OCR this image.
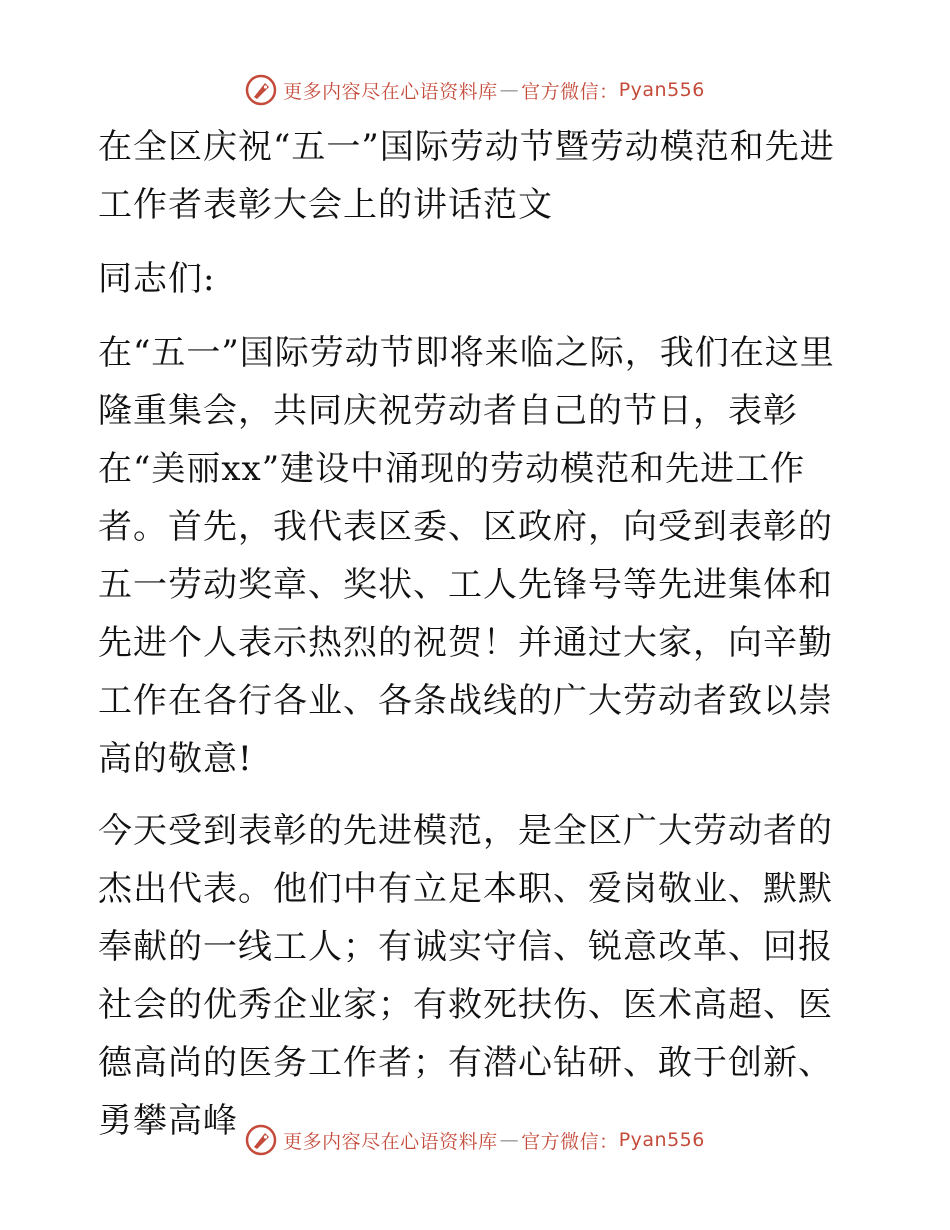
更多内容尽在心语资料库 — 官方微信： Pyan556

在全区庆祝“五一”国际劳动节暨劳动模范和先进工作者表彰大会上的讲话范文

同志们:

在“五一”国际劳动节即将来临之际，我们在这里隆重集会，共同庆祝劳动者自己的节日，表彰在“美丽xx”建设中涌现的劳动模范和先进工作者。首先，我代表区委、区政府，向受到表彰的五一劳动奖章、奖状、工人先锋号等先进集体和先进个人表示热烈的祝贺！并通过大家，向辛勤工作在各行各业、各条战线的广大劳动者致以崇高的敬意!

今天受到表彰的先进模范，是全区广大劳动者的杰出代表。他们中有立足本职、爱岗敬业、默默奉献的一线工人；有诚实守信、锐意改革、回报社会的优秀企业家；有救死扶伤、医术高超、医德高尚的医务工作者；有潜心钻研、敢于创新、勇攀高峰

更多内容尽在心语资料库 — 官方微信： Pyan556
